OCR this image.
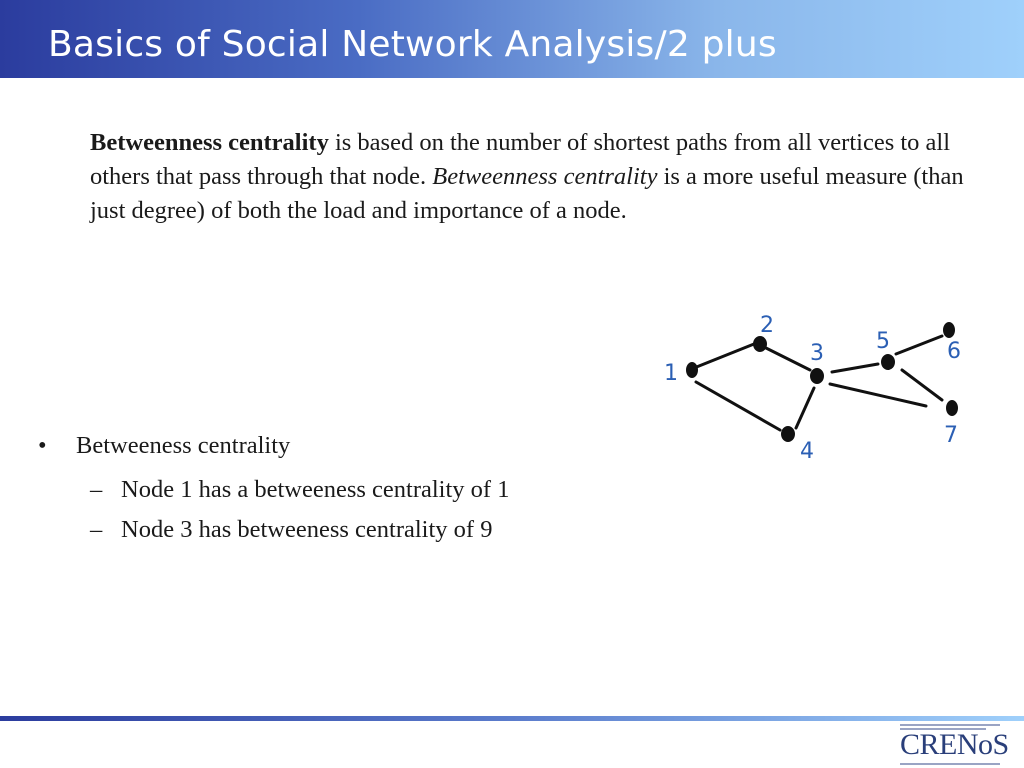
Basics of Social Network Analysis/2 plus
Betweenness centrality is based on the number of shortest paths from all vertices to all others that pass through that node. Betweenness centrality is a more useful measure (than just degree) of both the load and importance of a node.
1
2
3
4
5	6
7
• Betweeness centrality
– Node 1 has a betweeness centrality of 1
– Node 3 has betweeness centrality of 9
CRENoS
